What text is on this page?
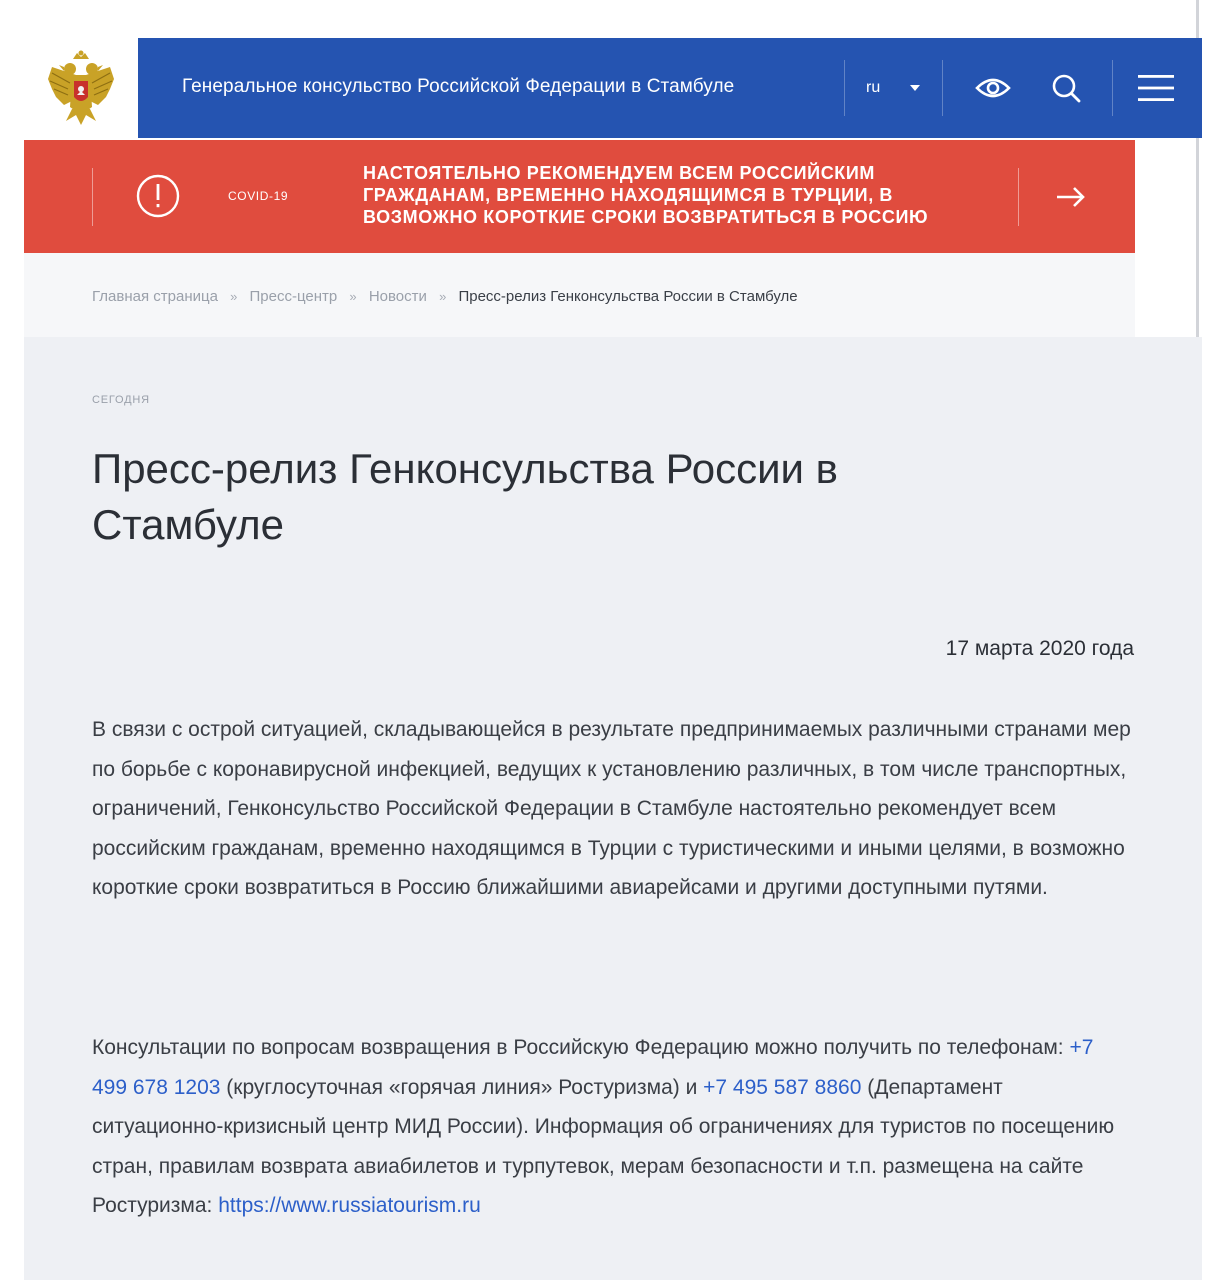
Генеральное консульство Российской Федерации в Стамбуле	ru
COVID-19
НАСТОЯТЕЛЬНО РЕКОМЕНДУЕМ ВСЕМ РОССИЙСКИМ ГРАЖДАНАМ, ВРЕМЕННО НАХОДЯЩИМСЯ В ТУРЦИИ, В ВОЗМОЖНО КОРОТКИЕ СРОКИ ВОЗВРАТИТЬСЯ В РОССИЮ
Главная страница » Пресс-центр » Новости » Пресс-релиз Генконсульства России в Стамбуле
СЕГОДНЯ
Пресс-релиз Генконсульства России в Стамбуле
17 марта 2020 года

В связи с острой ситуацией, складывающейся в результате предпринимаемых различными странами мер по борьбе с коронавирусной инфекцией, ведущих к установлению различных, в том числе транспортных, ограничений, Генконсульство Российской Федерации в Стамбуле настоятельно рекомендует всем российским гражданам, временно находящимся в Турции с туристическими и иными целями, в возможно короткие сроки возвратиться в Россию ближайшими авиарейсами и другими доступными путями.

Консультации по вопросам возвращения в Российскую Федерацию можно получить по телефонам: +7 499 678 1203 (круглосуточная «горячая линия» Ростуризма) и +7 495 587 8860 (Департамент ситуационно-кризисный центр МИД России). Информация об ограничениях для туристов по посещению стран, правилам возврата авиабилетов и турпутевок, мерам безопасности и т.п. размещена на сайте Ростуризма: https://www.russiatourism.ru
